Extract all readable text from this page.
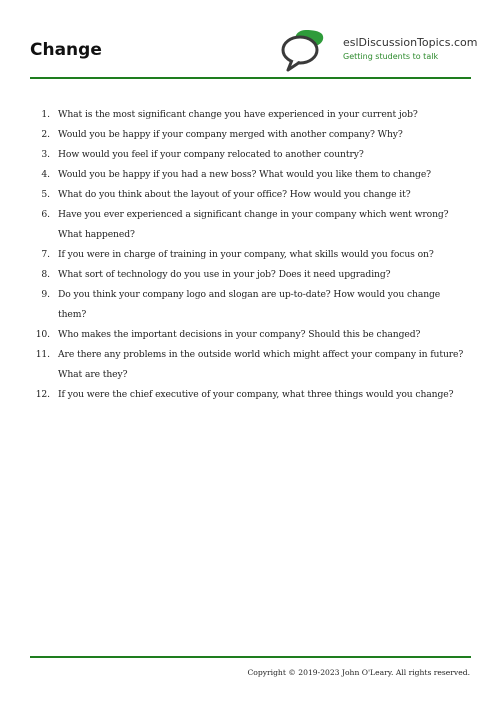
Change	eslDiscussionTopics.com
Getting students to talk
1. What is the most significant change you have experienced in your current job?
2. Would you be happy if your company merged with another company? Why?
3. How would you feel if your company relocated to another country?
4. Would you be happy if you had a new boss? What would you like them to change?
5. What do you think about the layout of your office? How would you change it?
6. Have you ever experienced a significant change in your company which went wrong? What happened?
7. If you were in charge of training in your company, what skills would you focus on?
8. What sort of technology do you use in your job? Does it need upgrading?
9. Do you think your company logo and slogan are up-to-date? How would you change them?
10. Who makes the important decisions in your company? Should this be changed?
11. Are there any problems in the outside world which might affect your company in future? What are they?
12. If you were the chief executive of your company, what three things would you change?
Copyright © 2019-2023 John O'Leary. All rights reserved.
